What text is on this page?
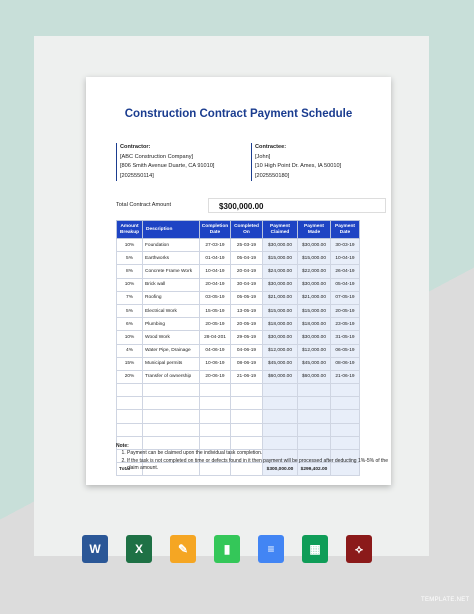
Construction Contract Payment Schedule
Contractor:
[ABC Construction Company]
[806 Smith Avenue Duarte, CA 91010]
[2025550114]
Contractee:
[John]
[10 High Point Dr. Ames, IA 50010]
[2025550180]
Total Contract Amount	$300,000.00
Amount Breakup	Description	Completion Date	Completed On	Payment Claimed	Payment Made	Payment Date
10%	Foundation	27-03-19	25-03-19	$30,000.00	$30,000.00	30-03-19
5%	Earthworks	01-04-19	05-04-19	$15,000.00	$15,000.00	10-04-19
8%	Concrete Frame Work	10-04-19	20-04-19	$24,000.00	$22,000.00	26-04-19
10%	Brick wall	20-04-19	30-04-19	$30,000.00	$30,000.00	05-04-19
7%	Roofing	03-05-19	05-05-19	$21,000.00	$21,000.00	07-05-19
5%	Electrical Work	15-05-19	13-05-19	$15,000.00	$15,000.00	20-05-19
6%	Plumbing	20-05-19	20-05-19	$18,000.00	$18,000.00	23-05-19
10%	Wood Work	28-04-201	29-05-19	$30,000.00	$30,000.00	31-05-19
4%	Water Pipe, Drainage	04-06-19	04-06-19	$12,000.00	$12,000.00	06-05-19
15%	Municipal permits	10-06-19	08-06-19	$45,000.00	$45,000.00	08-06-19
20%	Transfer of ownership	20-06-19	21-06-19	$60,000.00	$60,000.00	21-06-19

Total				$300,000.00	$299,402.00	
Note:
1. Payment can be claimed upon the individual task completion.
2. If the task is not completed on time or defects found in it then payment will be processed after deducting 1%-5% of the claim amount.
W	X	✎	▮	≡	▦	⟡
TEMPLATE.NET
